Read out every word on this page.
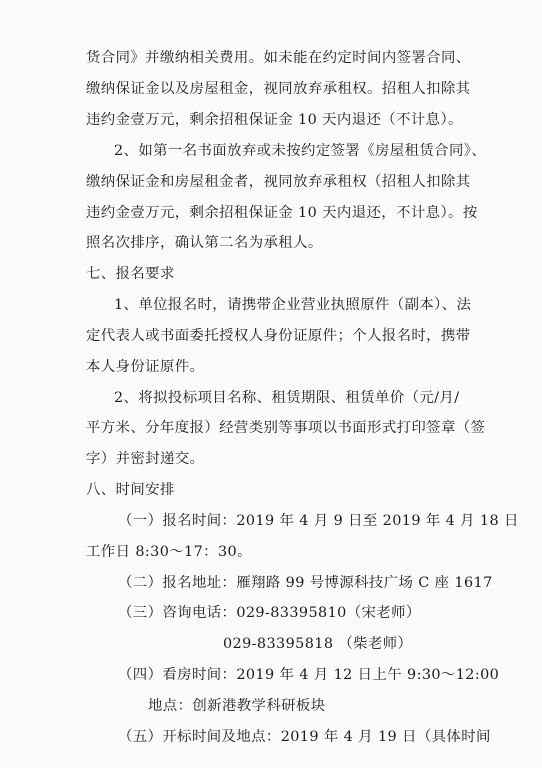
货合同》并缴纳相关费用。如未能在约定时间内签署合同、
缴纳保证金以及房屋租金，视同放弃承租权。招租人扣除其
违约金壹万元，剩余招租保证金 10 天内退还（不计息）。
2、如第一名书面放弃或未按约定签署《房屋租赁合同》、
缴纳保证金和房屋租金者，视同放弃承租权（招租人扣除其
违约金壹万元，剩余招租保证金 10 天内退还，不计息）。按
照名次排序，确认第二名为承租人。
七、报名要求
1、单位报名时，请携带企业营业执照原件（副本）、法
定代表人或书面委托授权人身份证原件；个人报名时，携带
本人身份证原件。
2、将拟投标项目名称、租赁期限、租赁单价（元/月/
平方米、分年度报）经营类别等事项以书面形式打印签章（签
字）并密封递交。
八、时间安排
（一）报名时间：2019 年 4 月 9 日至 2019 年 4 月 18 日
工作日 8:30～17：30。
（二）报名地址：雁翔路 99 号博源科技广场 C 座 1617
（三）咨询电话：029-83395810（宋老师）
029-83395818 （柴老师）
（四）看房时间：2019 年 4 月 12 日上午 9:30～12:00
地点：创新港教学科研板块
（五）开标时间及地点：2019 年 4 月 19 日（具体时间
